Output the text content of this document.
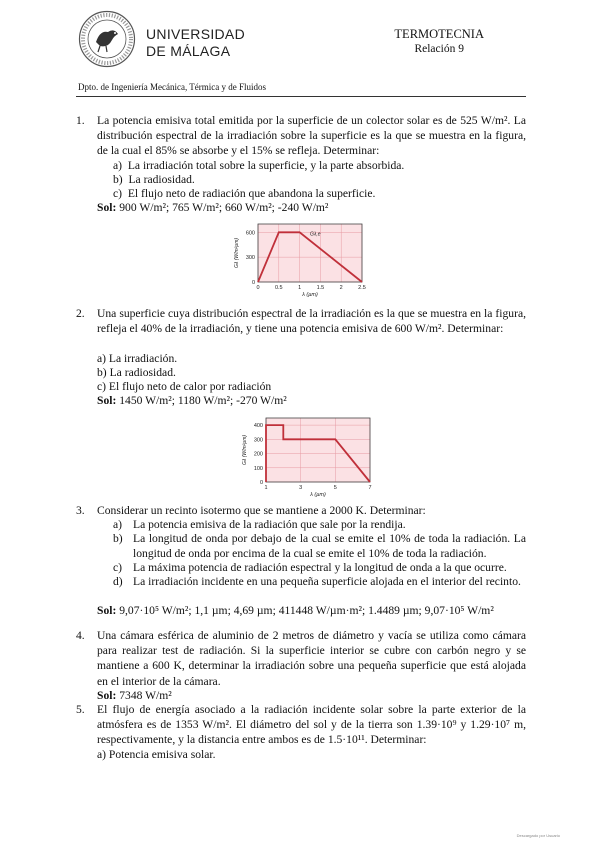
UNIVERSIDAD
DE MÁLAGA
TERMOTECNIA
Relación 9
Dpto. de Ingeniería Mecánica, Térmica y de Fluidos
1.	La potencia emisiva total emitida por la superficie de un colector solar es de 525 W/m². La distribución espectral de la irradiación sobre la superficie es la que se muestra en la figura, de la cual el 85% se absorbe y el 15% se refleja. Determinar:
a) La irradiación total sobre la superficie, y la parte absorbida.
b) La radiosidad.
c) El flujo neto de radiación que abandona la superficie.
Sol: 900 W/m²; 765 W/m²; 660 W/m²; -240 W/m²
0	0.5	1	1.5	2	2.5
0
300
600
λ (µm)
Gλ (W/m²µm)
Gλ,e
2.	Una superficie cuya distribución espectral de la irradiación es la que se muestra en la figura, refleja el 40% de la irradiación, y tiene una potencia emisiva de 600 W/m². Determinar:
a) La irradiación.
b) La radiosidad.
c) El flujo neto de calor por radiación
Sol: 1450 W/m²; 1180 W/m²; -270 W/m²
1	3	5	7
0
100
200
300
400
λ (µm)
Gλ (W/m²µm)
3.	Considerar un recinto isotermo que se mantiene a 2000 K. Determinar:
a) La potencia emisiva de la radiación que sale por la rendija.
b) La longitud de onda por debajo de la cual se emite el 10% de toda la radiación. La longitud de onda por encima de la cual se emite el 10% de toda la radiación.
c) La máxima potencia de radiación espectral y la longitud de onda a la que ocurre.
d) La irradiación incidente en una pequeña superficie alojada en el interior del recinto.
Sol: 9,07·10⁵ W/m²; 1,1 µm; 4,69 µm; 411448 W/µm·m²; 1.4489 µm; 9,07·10⁵ W/m²
4.	Una cámara esférica de aluminio de 2 metros de diámetro y vacía se utiliza como cámara para realizar test de radiación. Si la superficie interior se cubre con carbón negro y se mantiene a 600 K, determinar la irradiación sobre una pequeña superficie que está alojada en el interior de la cámara.
Sol: 7348 W/m²
5.	El flujo de energía asociado a la radiación incidente solar sobre la parte exterior de la atmósfera es de 1353 W/m². El diámetro del sol y de la tierra son 1.39·10⁹ y 1.29·10⁷ m, respectivamente, y la distancia entre ambos es de 1.5·10¹¹. Determinar:
a) Potencia emisiva solar.
Descargado por Usuario
